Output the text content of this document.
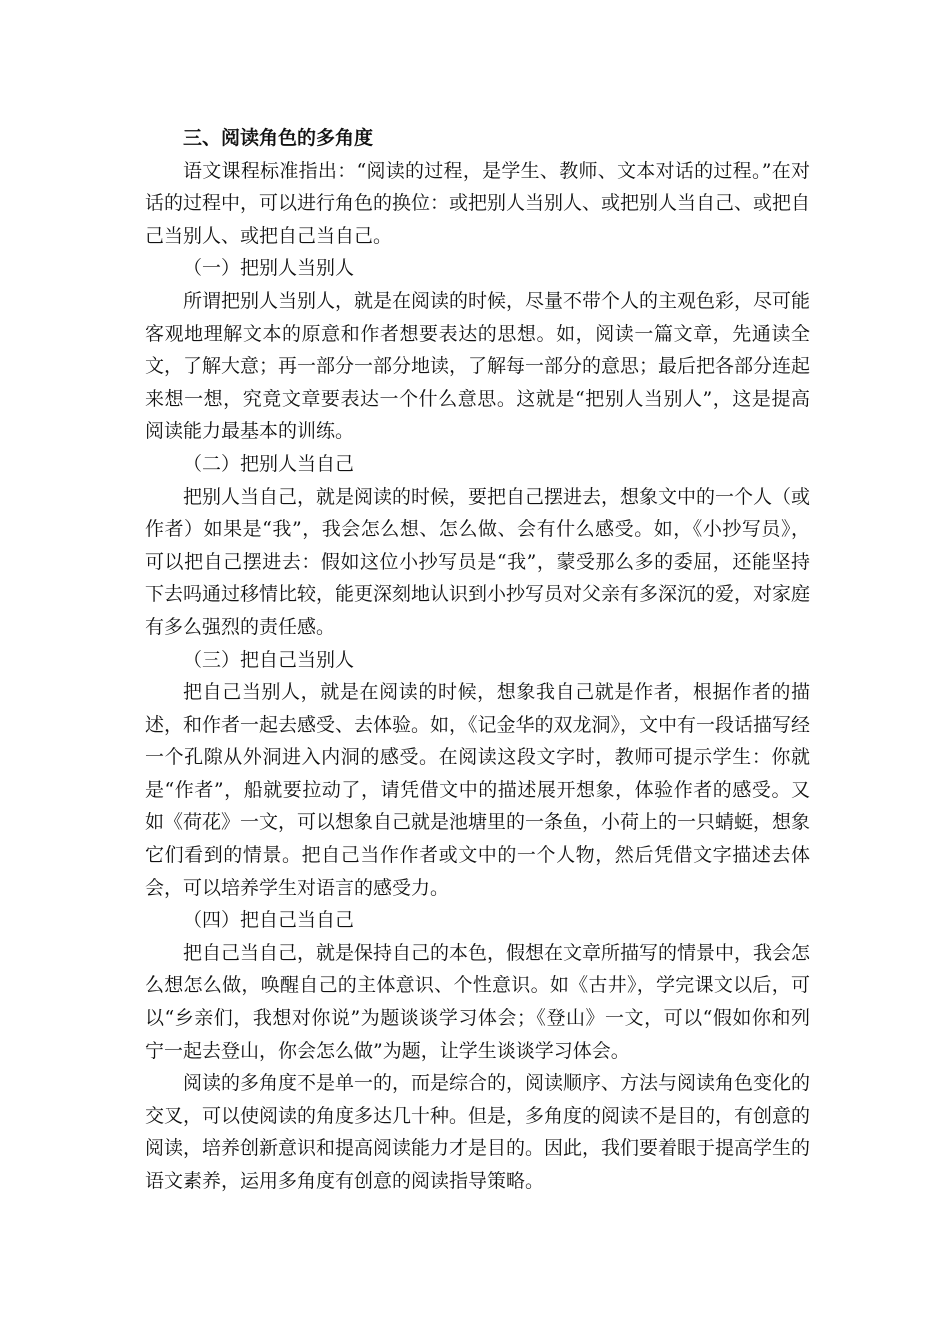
三、阅读角色的多角度

语文课程标准指出：“阅读的过程，是学生、教师、文本对话的过程。”在对话的过程中，可以进行角色的换位：或把别人当别人、或把别人当自己、或把自己当别人、或把自己当自己。

（一）把别人当别人

所谓把别人当别人，就是在阅读的时候，尽量不带个人的主观色彩，尽可能客观地理解文本的原意和作者想要表达的思想。如，阅读一篇文章，先通读全文，了解大意；再一部分一部分地读，了解每一部分的意思；最后把各部分连起来想一想，究竟文章要表达一个什么意思。这就是“把别人当别人”，这是提高阅读能力最基本的训练。

（二）把别人当自己

把别人当自己，就是阅读的时候，要把自己摆进去，想象文中的一个人（或作者）如果是“我”，我会怎么想、怎么做、会有什么感受。如，《小抄写员》，可以把自己摆进去：假如这位小抄写员是“我”，蒙受那么多的委屈，还能坚持下去吗通过移情比较，能更深刻地认识到小抄写员对父亲有多深沉的爱，对家庭有多么强烈的责任感。

（三）把自己当别人

把自己当别人，就是在阅读的时候，想象我自己就是作者，根据作者的描述，和作者一起去感受、去体验。如，《记金华的双龙洞》，文中有一段话描写经一个孔隙从外洞进入内洞的感受。在阅读这段文字时，教师可提示学生：你就是“作者”，船就要拉动了，请凭借文中的描述展开想象，体验作者的感受。又如《荷花》一文，可以想象自己就是池塘里的一条鱼，小荷上的一只蜻蜓，想象它们看到的情景。把自己当作作者或文中的一个人物，然后凭借文字描述去体会，可以培养学生对语言的感受力。

（四）把自己当自己

把自己当自己，就是保持自己的本色，假想在文章所描写的情景中，我会怎么想怎么做，唤醒自己的主体意识、个性意识。如《古井》，学完课文以后，可以“乡亲们，我想对你说”为题谈谈学习体会；《登山》一文，可以“假如你和列宁一起去登山，你会怎么做”为题，让学生谈谈学习体会。

阅读的多角度不是单一的，而是综合的，阅读顺序、方法与阅读角色变化的交叉，可以使阅读的角度多达几十种。但是，多角度的阅读不是目的，有创意的阅读，培养创新意识和提高阅读能力才是目的。因此，我们要着眼于提高学生的语文素养，运用多角度有创意的阅读指导策略。
